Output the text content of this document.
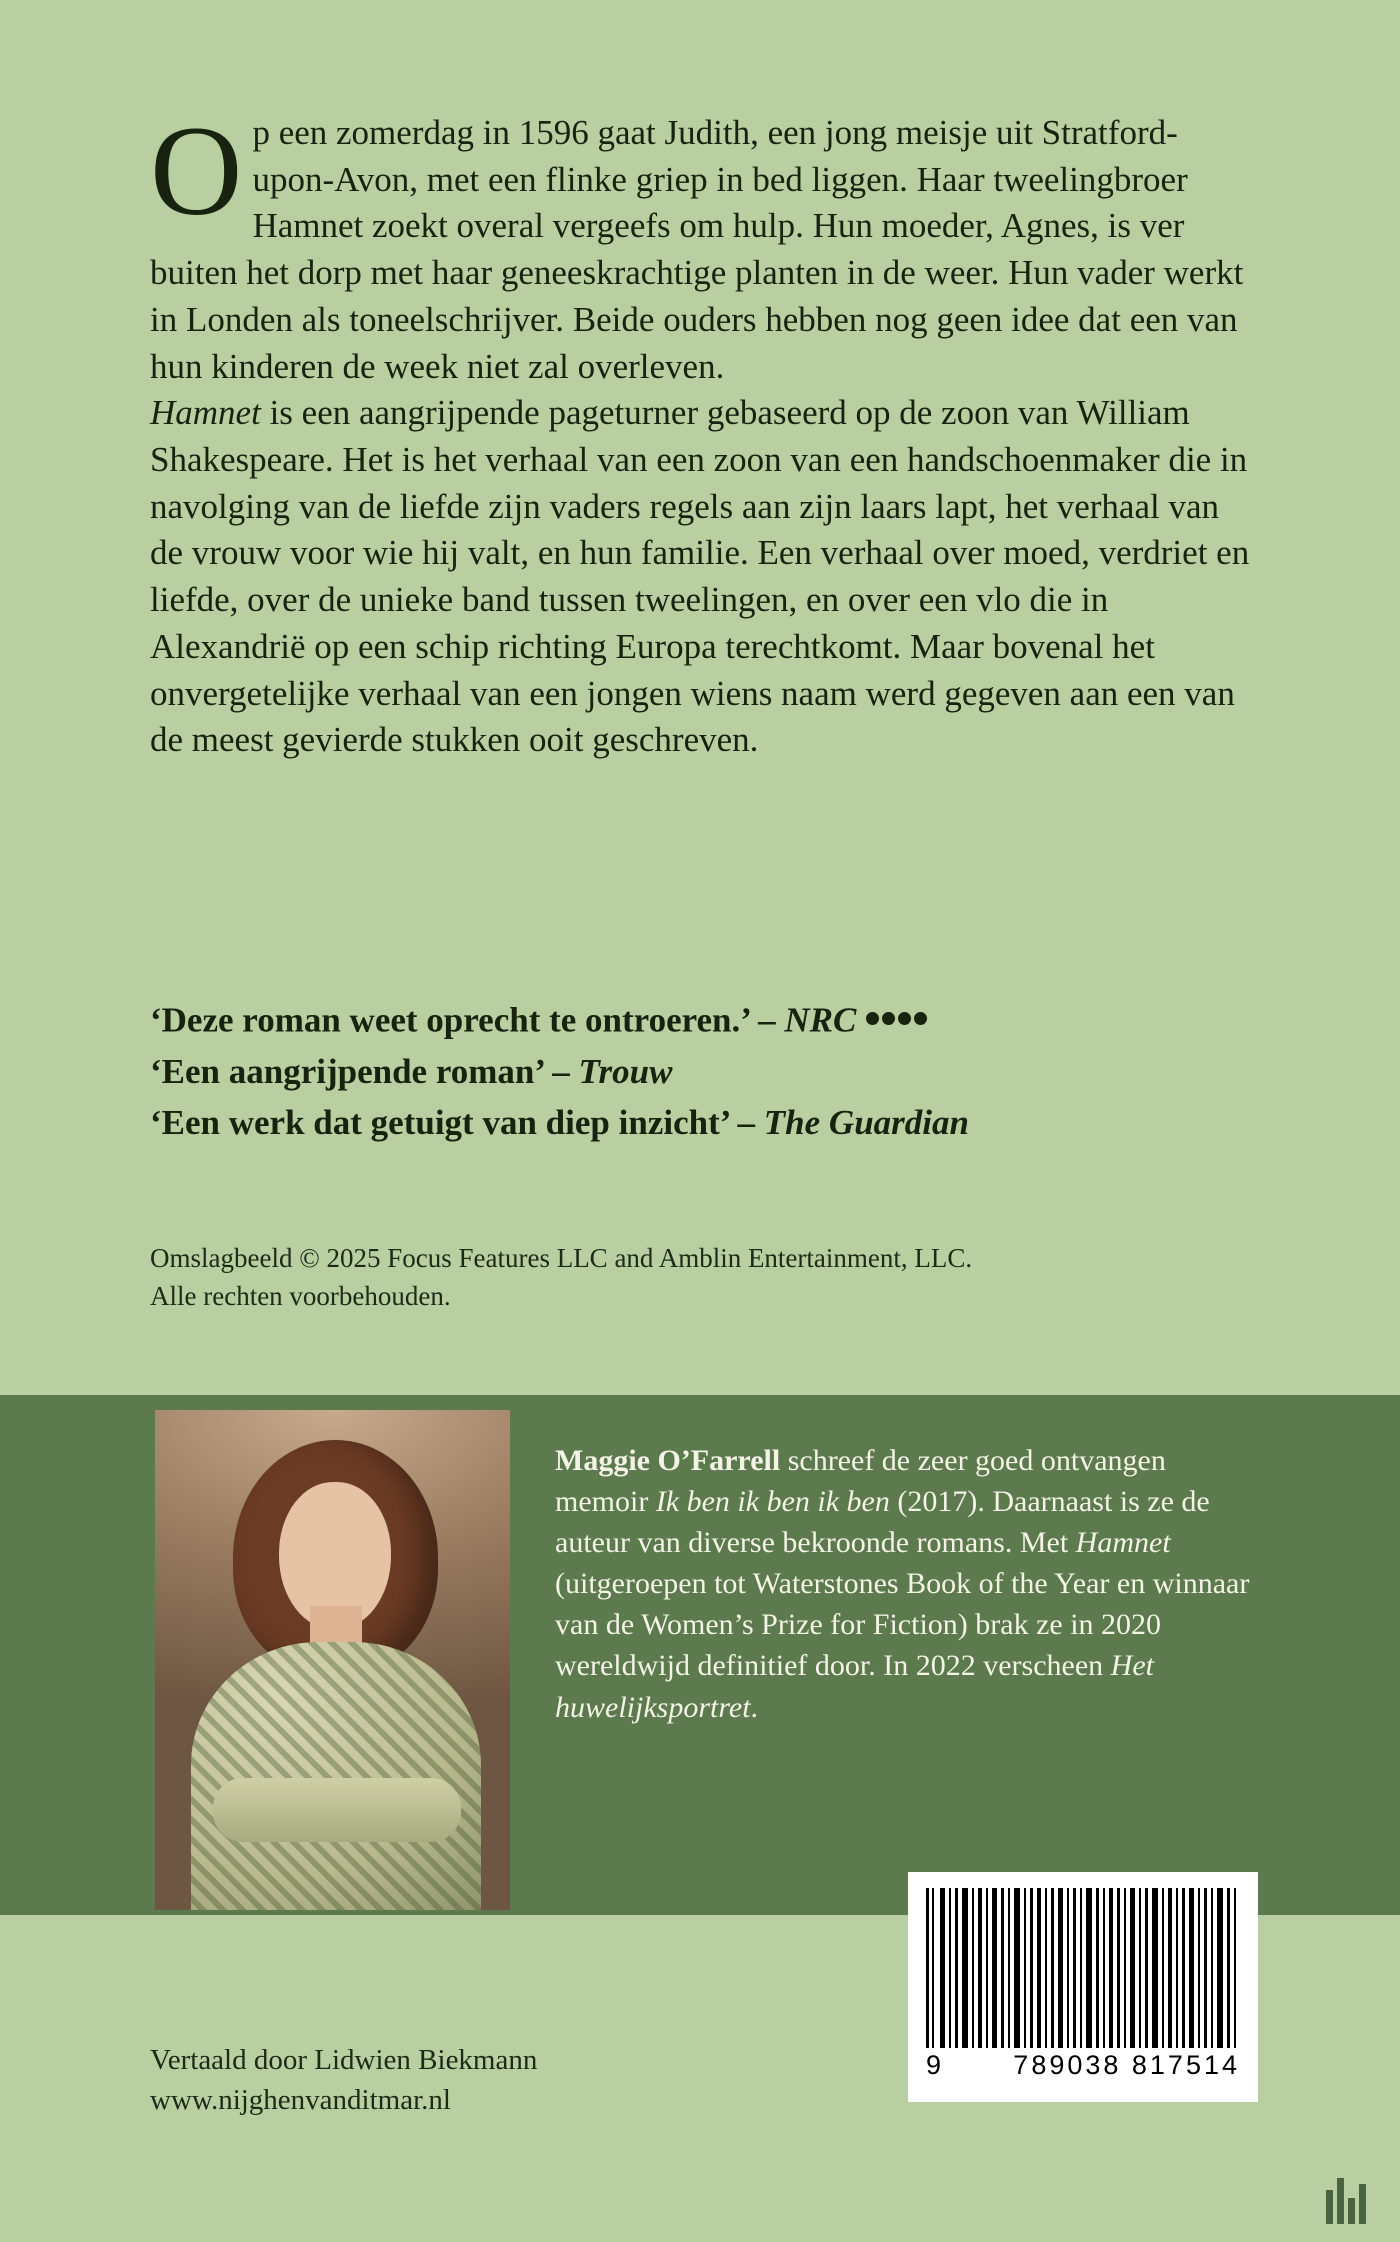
Op een zomerdag in 1596 gaat Judith, een jong meisje uit Stratford-upon-Avon, met een flinke griep in bed liggen. Haar tweelingbroer Hamnet zoekt overal vergeefs om hulp. Hun moeder, Agnes, is ver buiten het dorp met haar geneeskrachtige planten in de weer. Hun vader werkt in Londen als toneelschrijver. Beide ouders hebben nog geen idee dat een van hun kinderen de week niet zal overleven.

Hamnet is een aangrijpende pageturner gebaseerd op de zoon van William Shakespeare. Het is het verhaal van een zoon van een handschoenmaker die in navolging van de liefde zijn vaders regels aan zijn laars lapt, het verhaal van de vrouw voor wie hij valt, en hun familie. Een verhaal over moed, verdriet en liefde, over de unieke band tussen tweelingen, en over een vlo die in Alexandrië op een schip richting Europa terechtkomt. Maar bovenal het onvergetelijke verhaal van een jongen wiens naam werd gegeven aan een van de meest gevierde stukken ooit geschreven.

‘Deze roman weet oprecht te ontroeren.’ – NRC
‘Een aangrijpende roman’ – Trouw
‘Een werk dat getuigt van diep inzicht’ – The Guardian
Omslagbeeld © 2025 Focus Features LLC and Amblin Entertainment, LLC.
Alle rechten voorbehouden.

Maggie O’Farrell schreef de zeer goed ontvangen memoir Ik ben ik ben ik ben (2017). Daarnaast is ze de auteur van diverse bekroonde romans. Met Hamnet (uitgeroepen tot Waterstones Book of the Year en winnaar van de Women’s Prize for Fiction) brak ze in 2020 wereldwijd definitief door. In 2022 verscheen Het huwelijksportret.

9	789038 817514

Vertaald door Lidwien Biekmann

www.nijghenvanditmar.nl
